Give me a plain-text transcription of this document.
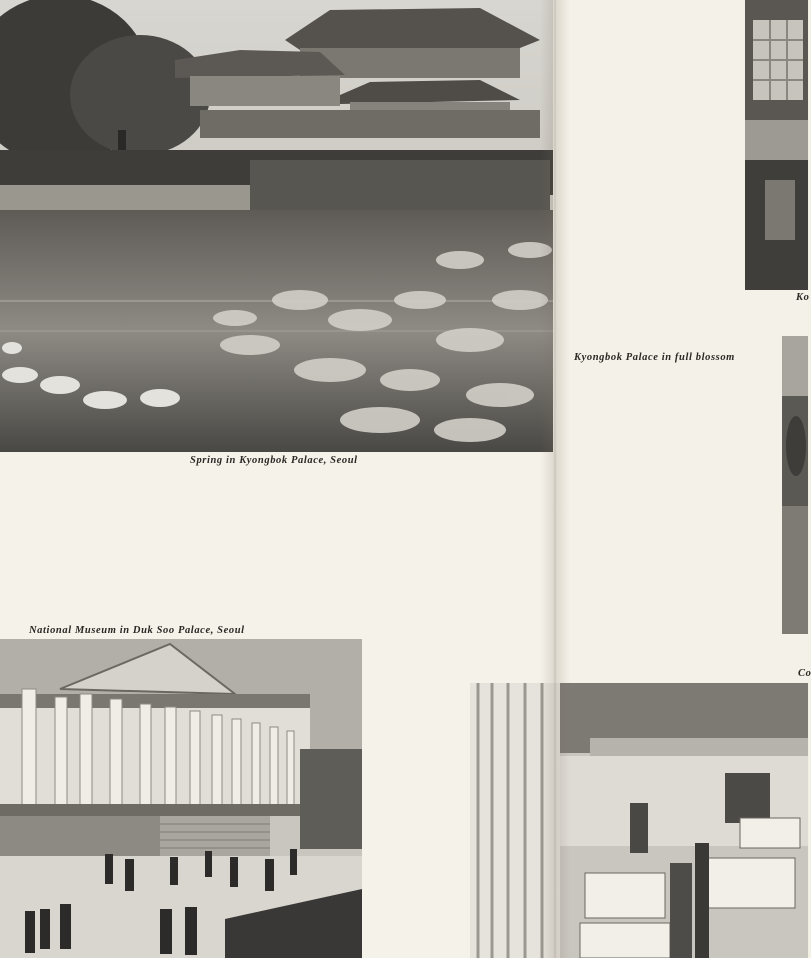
Spring in Kyongbok Palace, Seoul
Ko
Kyongbok Palace in full blossom
Co
National Museum in Duk Soo Palace, Seoul
